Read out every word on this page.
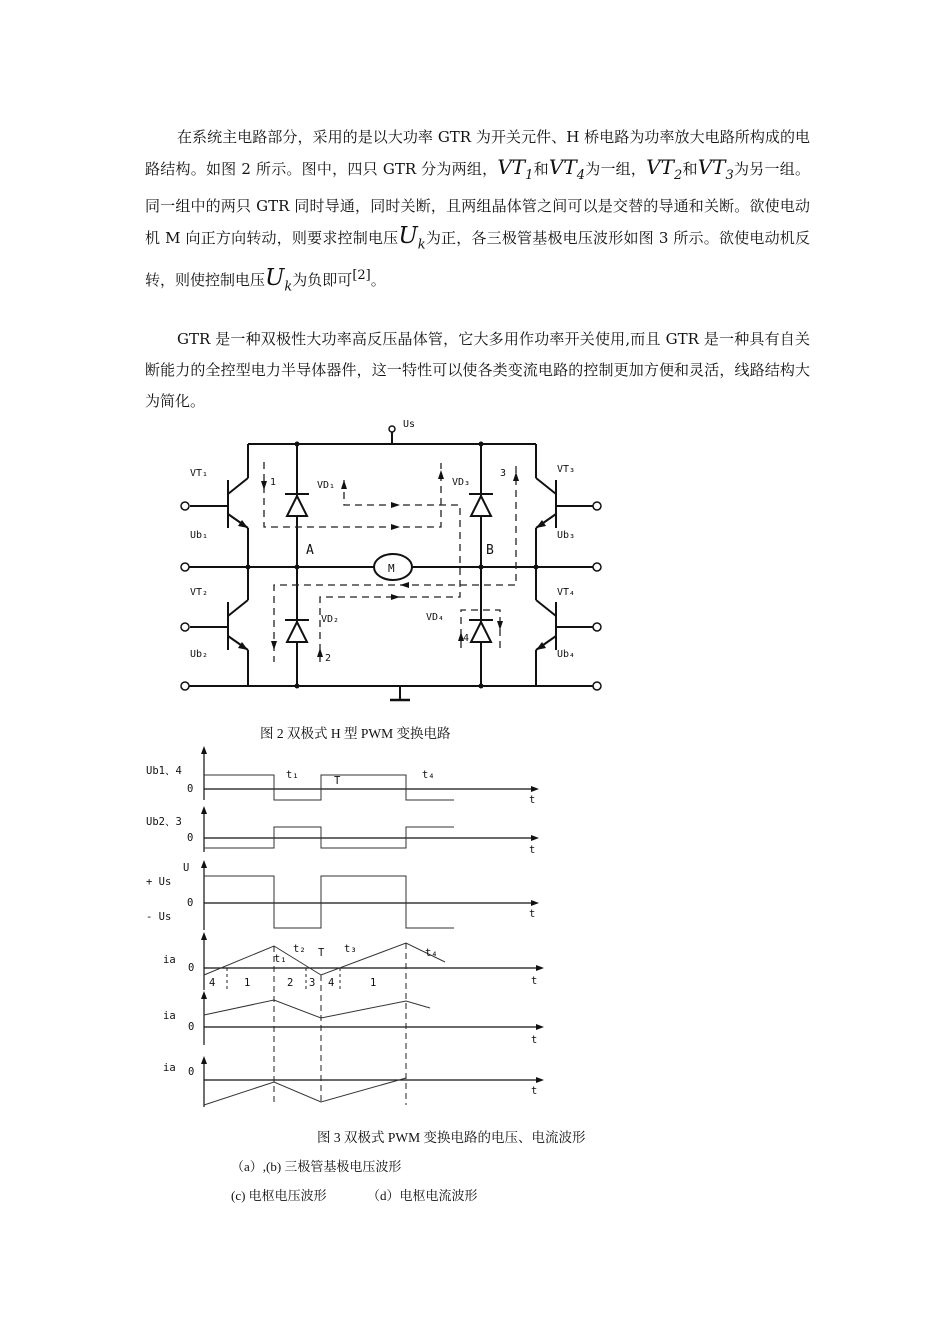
在系统主电路部分，采用的是以大功率 GTR 为开关元件、H 桥电路为功率放大电路所构成的电路结构。如图 2 所示。图中，四只 GTR 分为两组，$VT_1$和$VT_4$为一组，$VT_2$和$VT_3$为另一组。同一组中的两只 GTR 同时导通，同时关断，且两组晶体管之间可以是交替的导通和关断。欲使电动机 M 向正方向转动，则要求控制电压$U_k$为正，各三极管基极电压波形如图 3 所示。欲使电动机反转，则使控制电压$U_k$为负即可[2]。

GTR 是一种双极性大功率高反压晶体管，它大多用作功率开关使用,而且 GTR 是一种具有自关断能力的全控型电力半导体器件，这一特性可以使各类变流电路的控制更加方便和灵活，线路结构大为简化。

Us
VT₁
Ub₁
VT₂
Ub₂
VT₃
Ub₃
VT₄
Ub₄
VD₁
VD₂
VD₃
VD₄
1
2
3
4
A	B
M
图 2 双极式 H 型 PWM 变换电路
Ub1、4
Ub2、3
U
+ Us
- Us
ia
ia
ia
0
0
0
0
0
0
t
t
t
t
t
t
t₁	T	t₄
t₁
t₂ T t₃	t₄
4	1	2 3 4	1
图 3 双极式 PWM 变换电路的电压、电流波形
（a）,(b) 三极管基极电压波形
(c) 电枢电压波形	（d）电枢电流波形
